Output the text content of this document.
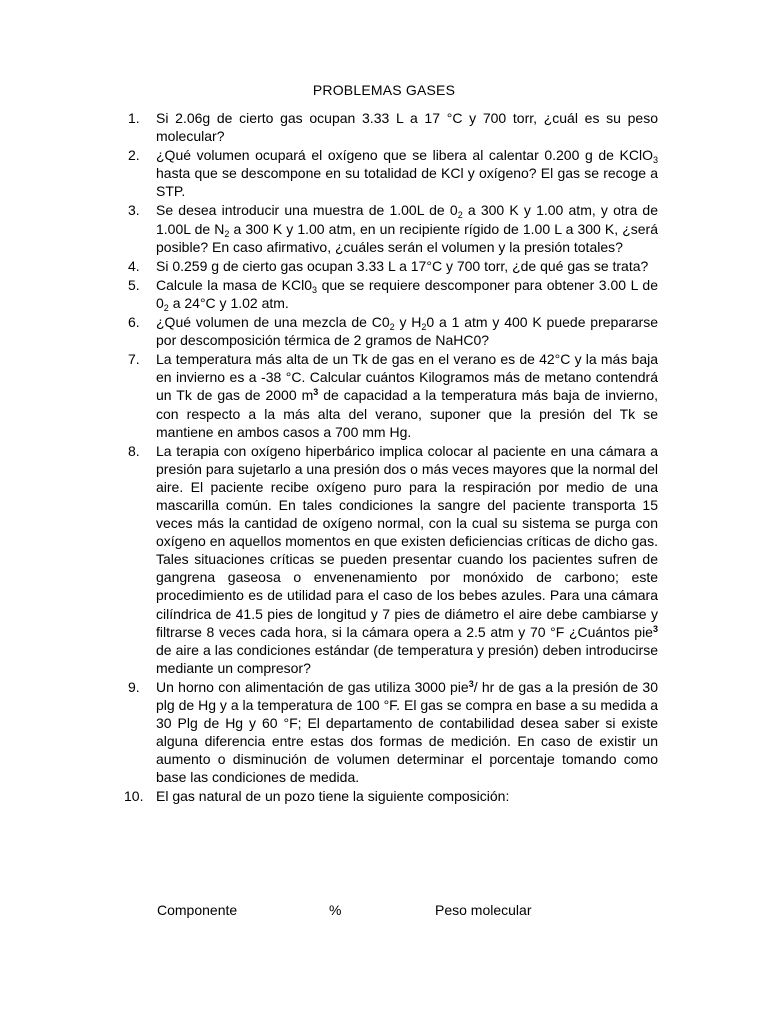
PROBLEMAS GASES
1.	Si 2.06g de cierto gas ocupan 3.33 L a 17 °C y 700 torr, ¿cuál es su peso molecular?
2.	¿Qué volumen ocupará el oxígeno que se libera al calentar 0.200 g de KClO$_3$ hasta que se descompone en su totalidad de KCl y oxígeno? El gas se recoge a STP.
3.	Se desea introducir una muestra de 1.00L de $0_2$ a 300 K y 1.00 atm, y otra de 1.00L de $N_2$ a 300 K y 1.00 atm, en un recipiente rígido de 1.00 L a 300 K, ¿será posible? En caso afirmativo, ¿cuáles serán el volumen y la presión totales?
4.	Si 0.259 g de cierto gas ocupan 3.33 L a 17°C y 700 torr, ¿de qué gas se trata?
5.	Calcule la masa de $KCl0_3$ que se requiere descomponer para obtener 3.00 L de $0_2$ a 24°C y 1.02 atm.
6.	¿Qué volumen de una mezcla de $C0_2$ y $H_20$ a 1 atm y 400 K puede prepararse por descomposición térmica de 2 gramos de NaHC0?
7.	La temperatura más alta de un Tk de gas en el verano es de 42°C y la más baja en invierno es a -38 °C. Calcular cuántos Kilogramos más de metano contendrá un Tk de gas de 2000 $m^3$ de capacidad a la temperatura más baja de invierno, con respecto a la más alta del verano, suponer que la presión del Tk se mantiene en ambos casos a 700 mm Hg.
8.	La terapia con oxígeno hiperbárico implica colocar al paciente en una cámara a presión para sujetarlo a una presión dos o más veces mayores que la normal del aire. El paciente recibe oxígeno puro para la respiración por medio de una mascarilla común. En tales condiciones la sangre del paciente transporta 15 veces más la cantidad de oxígeno normal, con la cual su sistema se purga con oxígeno en aquellos momentos en que existen deficiencias críticas de dicho gas. Tales situaciones críticas se pueden presentar cuando los pacientes sufren de gangrena gaseosa o envenenamiento por monóxido de carbono; este procedimiento es de utilidad para el caso de los bebes azules. Para una cámara cilíndrica de 41.5 pies de longitud y 7 pies de diámetro el aire debe cambiarse y filtrarse 8 veces cada hora, si la cámara opera a 2.5 atm y 70 °F ¿Cuántos pie$^3$ de aire a las condiciones estándar (de temperatura y presión) deben introducirse mediante un compresor?
9.	Un horno con alimentación de gas utiliza 3000 pie$^3$/ hr de gas a la presión de 30 plg de Hg y a la temperatura de 100 °F. El gas se compra en base a su medida a 30 Plg de Hg y 60 °F; El departamento de contabilidad desea saber si existe alguna diferencia entre estas dos formas de medición. En caso de existir un aumento o disminución de volumen determinar el porcentaje tomando como base las condiciones de medida.
10. El gas natural de un pozo tiene la siguiente composición:
Componente	%	Peso molecular
